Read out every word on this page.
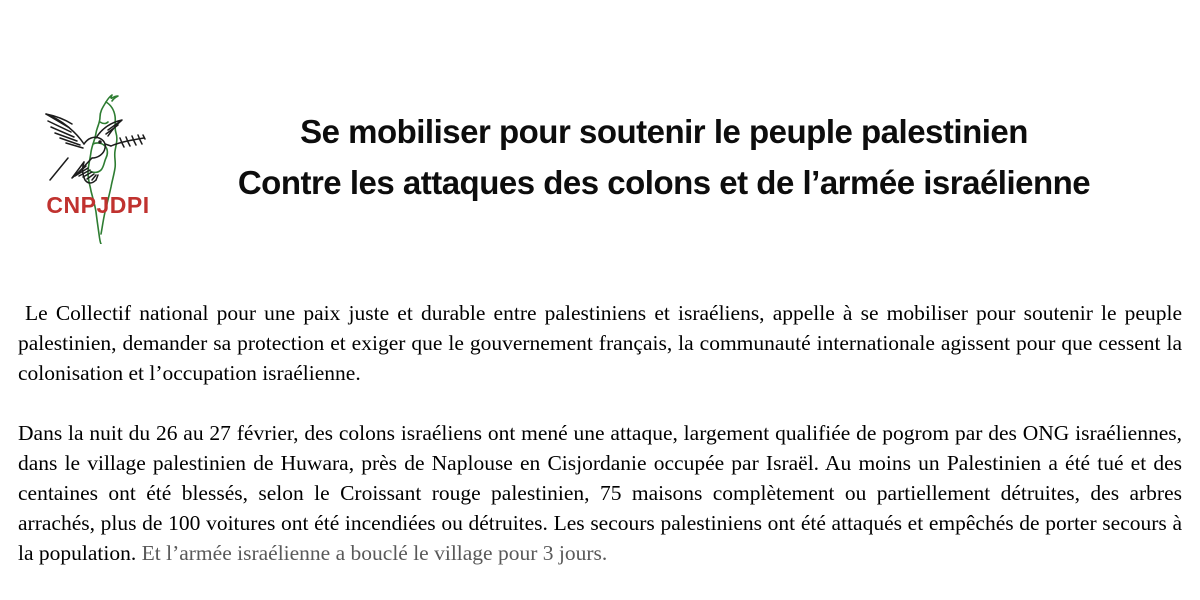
CNPJDPI
Se mobiliser pour soutenir le peuple palestinien
Contre les attaques des colons et de l’armée israélienne

Le Collectif national pour une paix juste et durable entre palestiniens et israéliens, appelle à se mobiliser pour soutenir le peuple palestinien, demander sa protection et exiger que le gouvernement français, la communauté internationale agissent pour que cessent la colonisation et l’occupation israélienne.

Dans la nuit du 26 au 27 février, des colons israéliens ont mené une attaque, largement qualifiée de pogrom par des ONG israéliennes, dans le village palestinien de Huwara, près de Naplouse en Cisjordanie occupée par Israël. Au moins un Palestinien a été tué et des centaines ont été blessés, selon le Croissant rouge palestinien, 75 maisons complètement ou partiellement détruites, des arbres arrachés, plus de 100 voitures ont été incendiées ou détruites. Les secours palestiniens ont été attaqués et empêchés de porter secours à la population. Et l’armée israélienne a bouclé le village pour 3 jours.
